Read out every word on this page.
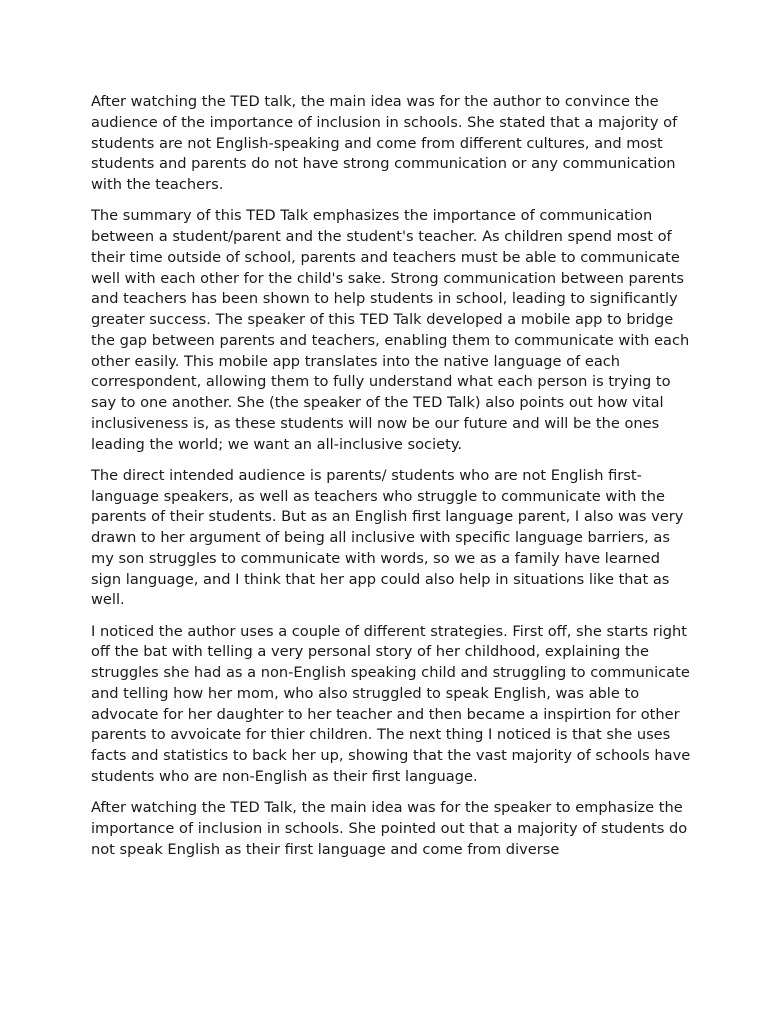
After watching the TED talk, the main idea was for the author to convince the audience of the importance of inclusion in schools. She stated that a majority of students are not English-speaking and come from different cultures, and most students and parents do not have strong communication or any communication with the teachers.

The summary of this TED Talk emphasizes the importance of communication between a student/parent and the student's teacher. As children spend most of their time outside of school, parents and teachers must be able to communicate well with each other for the child's sake. Strong communication between parents and teachers has been shown to help students in school, leading to significantly greater success. The speaker of this TED Talk developed a mobile app to bridge the gap between parents and teachers, enabling them to communicate with each other easily. This mobile app translates into the native language of each correspondent, allowing them to fully understand what each person is trying to say to one another. She (the speaker of the TED Talk) also points out how vital inclusiveness is, as these students will now be our future and will be the ones leading the world; we want an all-inclusive society.

The direct intended audience is parents/ students who are not English first-language speakers, as well as teachers who struggle to communicate with the parents of their students. But as an English first language parent, I also was very drawn to her argument of being all inclusive with specific language barriers, as my son struggles to communicate with words, so we as a family have learned sign language, and I think that her app could also help in situations like that as well.

I noticed the author uses a couple of different strategies. First off, she starts right off the bat with telling a very personal story of her childhood, explaining the struggles she had as a non-English speaking child and struggling to communicate and telling how her mom, who also struggled to speak English, was able to advocate for her daughter to her teacher and then became a inspirtion for other parents to avvoicate for thier children. The next thing I noticed is that she uses facts and statistics to back her up, showing that the vast majority of schools have students who are non-English as their first language.

After watching the TED Talk, the main idea was for the speaker to emphasize the importance of inclusion in schools. She pointed out that a majority of students do not speak English as their first language and come from diverse
